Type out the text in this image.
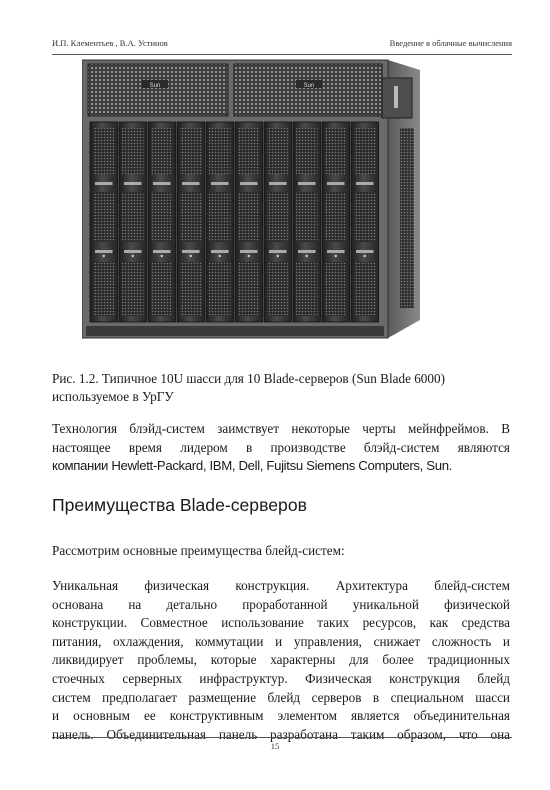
И.П. Клементьев , В.А. Устинов	Введение в облачные вычисления
Sun	Sun

Рис. 1.2. Типичное 10U шасси для 10 Blade-серверов (Sun Blade 6000)
используемое в УрГУ

Технология блэйд-систем заимствует некоторые черты мейнфреймов. В
настоящее время лидером в производстве блэйд-систем являются
компании Hewlett-Packard, IBM, Dell, Fujitsu Siemens Computers, Sun.
Преимущества Blade-серверов
Рассмотрим основные преимущества блейд-систем:
Уникальная физическая конструкция. Архитектура блейд-систем
основана на детально проработанной уникальной физической
конструкции. Совместное использование таких ресурсов, как средства
питания, охлаждения, коммутации и управления, снижает сложность и
ликвидирует проблемы, которые характерны для более традиционных
стоечных серверных инфраструктур. Физическая конструкция блейд
систем предполагает размещение блейд серверов в специальном шасси
и основным ее конструктивным элементом является объединительная
панель. Объединительная панель разработана таким образом, что она
15
